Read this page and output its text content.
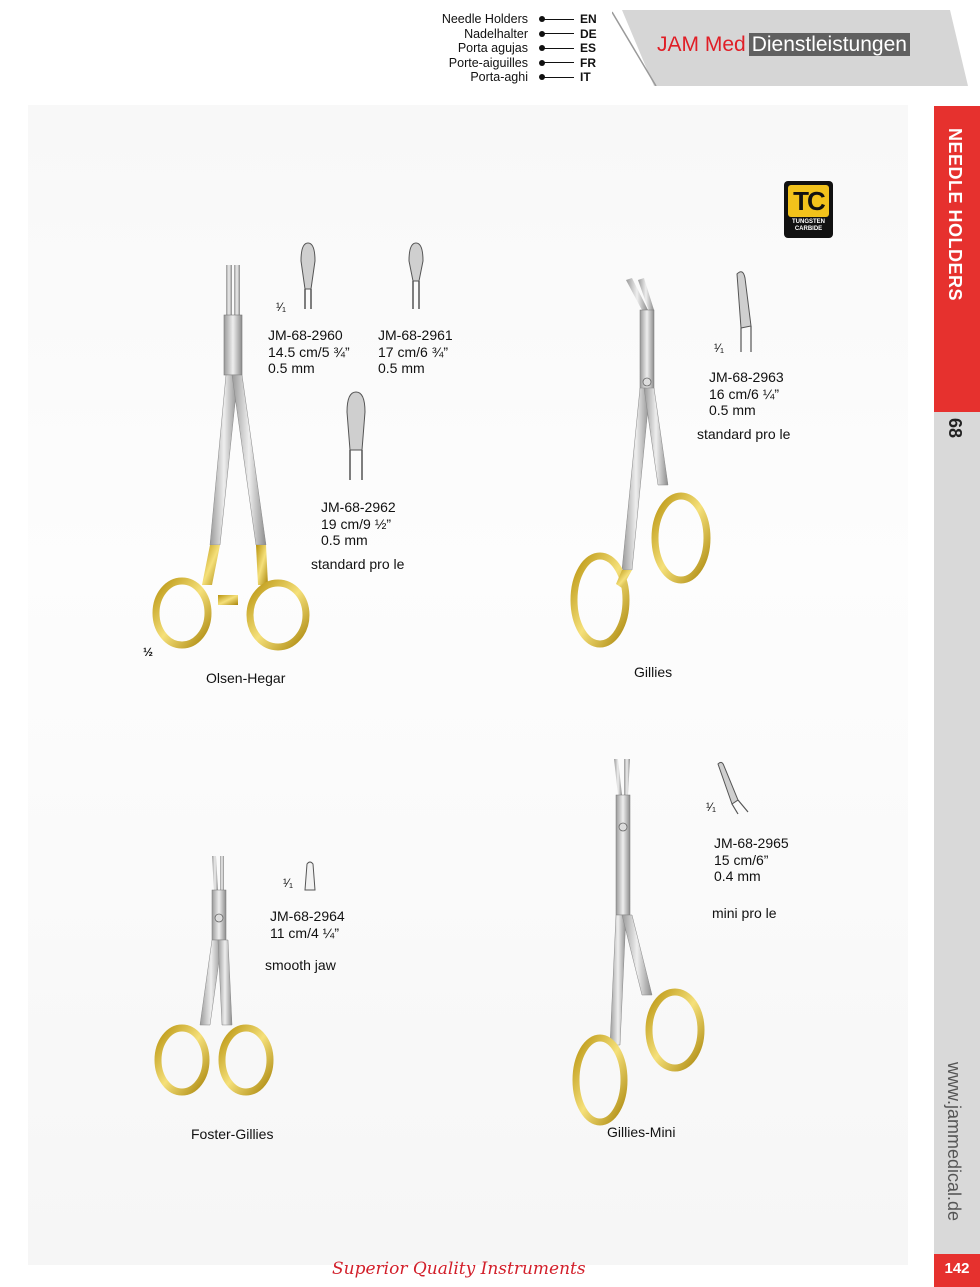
Needle Holders	EN
Nadelhalter	DE
Porta agujas	ES
Porte-aiguilles	FR
Porta-aghi	IT
JAM Med Dienstleistungen
NEEDLE HOLDERS
68
www.jammedical.de
142
TC
TUNGSTEN
CARBIDE
¹⁄₁
JM-68-2960
14.5 cm/5 ¾”
0.5 mm
JM-68-2961
17 cm/6 ¾”
0.5 mm
JM-68-2962
19 cm/9 ½”
0.5 mm
standard pro le
½
Olsen-Hegar
¹⁄₁
JM-68-2963
16 cm/6 ¼”
0.5 mm
standard pro le
Gillies
¹⁄₁
JM-68-2964
11 cm/4 ¼”
smooth jaw
Foster-Gillies
¹⁄₁
JM-68-2965
15 cm/6”
0.4 mm
mini pro le
Gillies-Mini
Superior Quality Instruments
